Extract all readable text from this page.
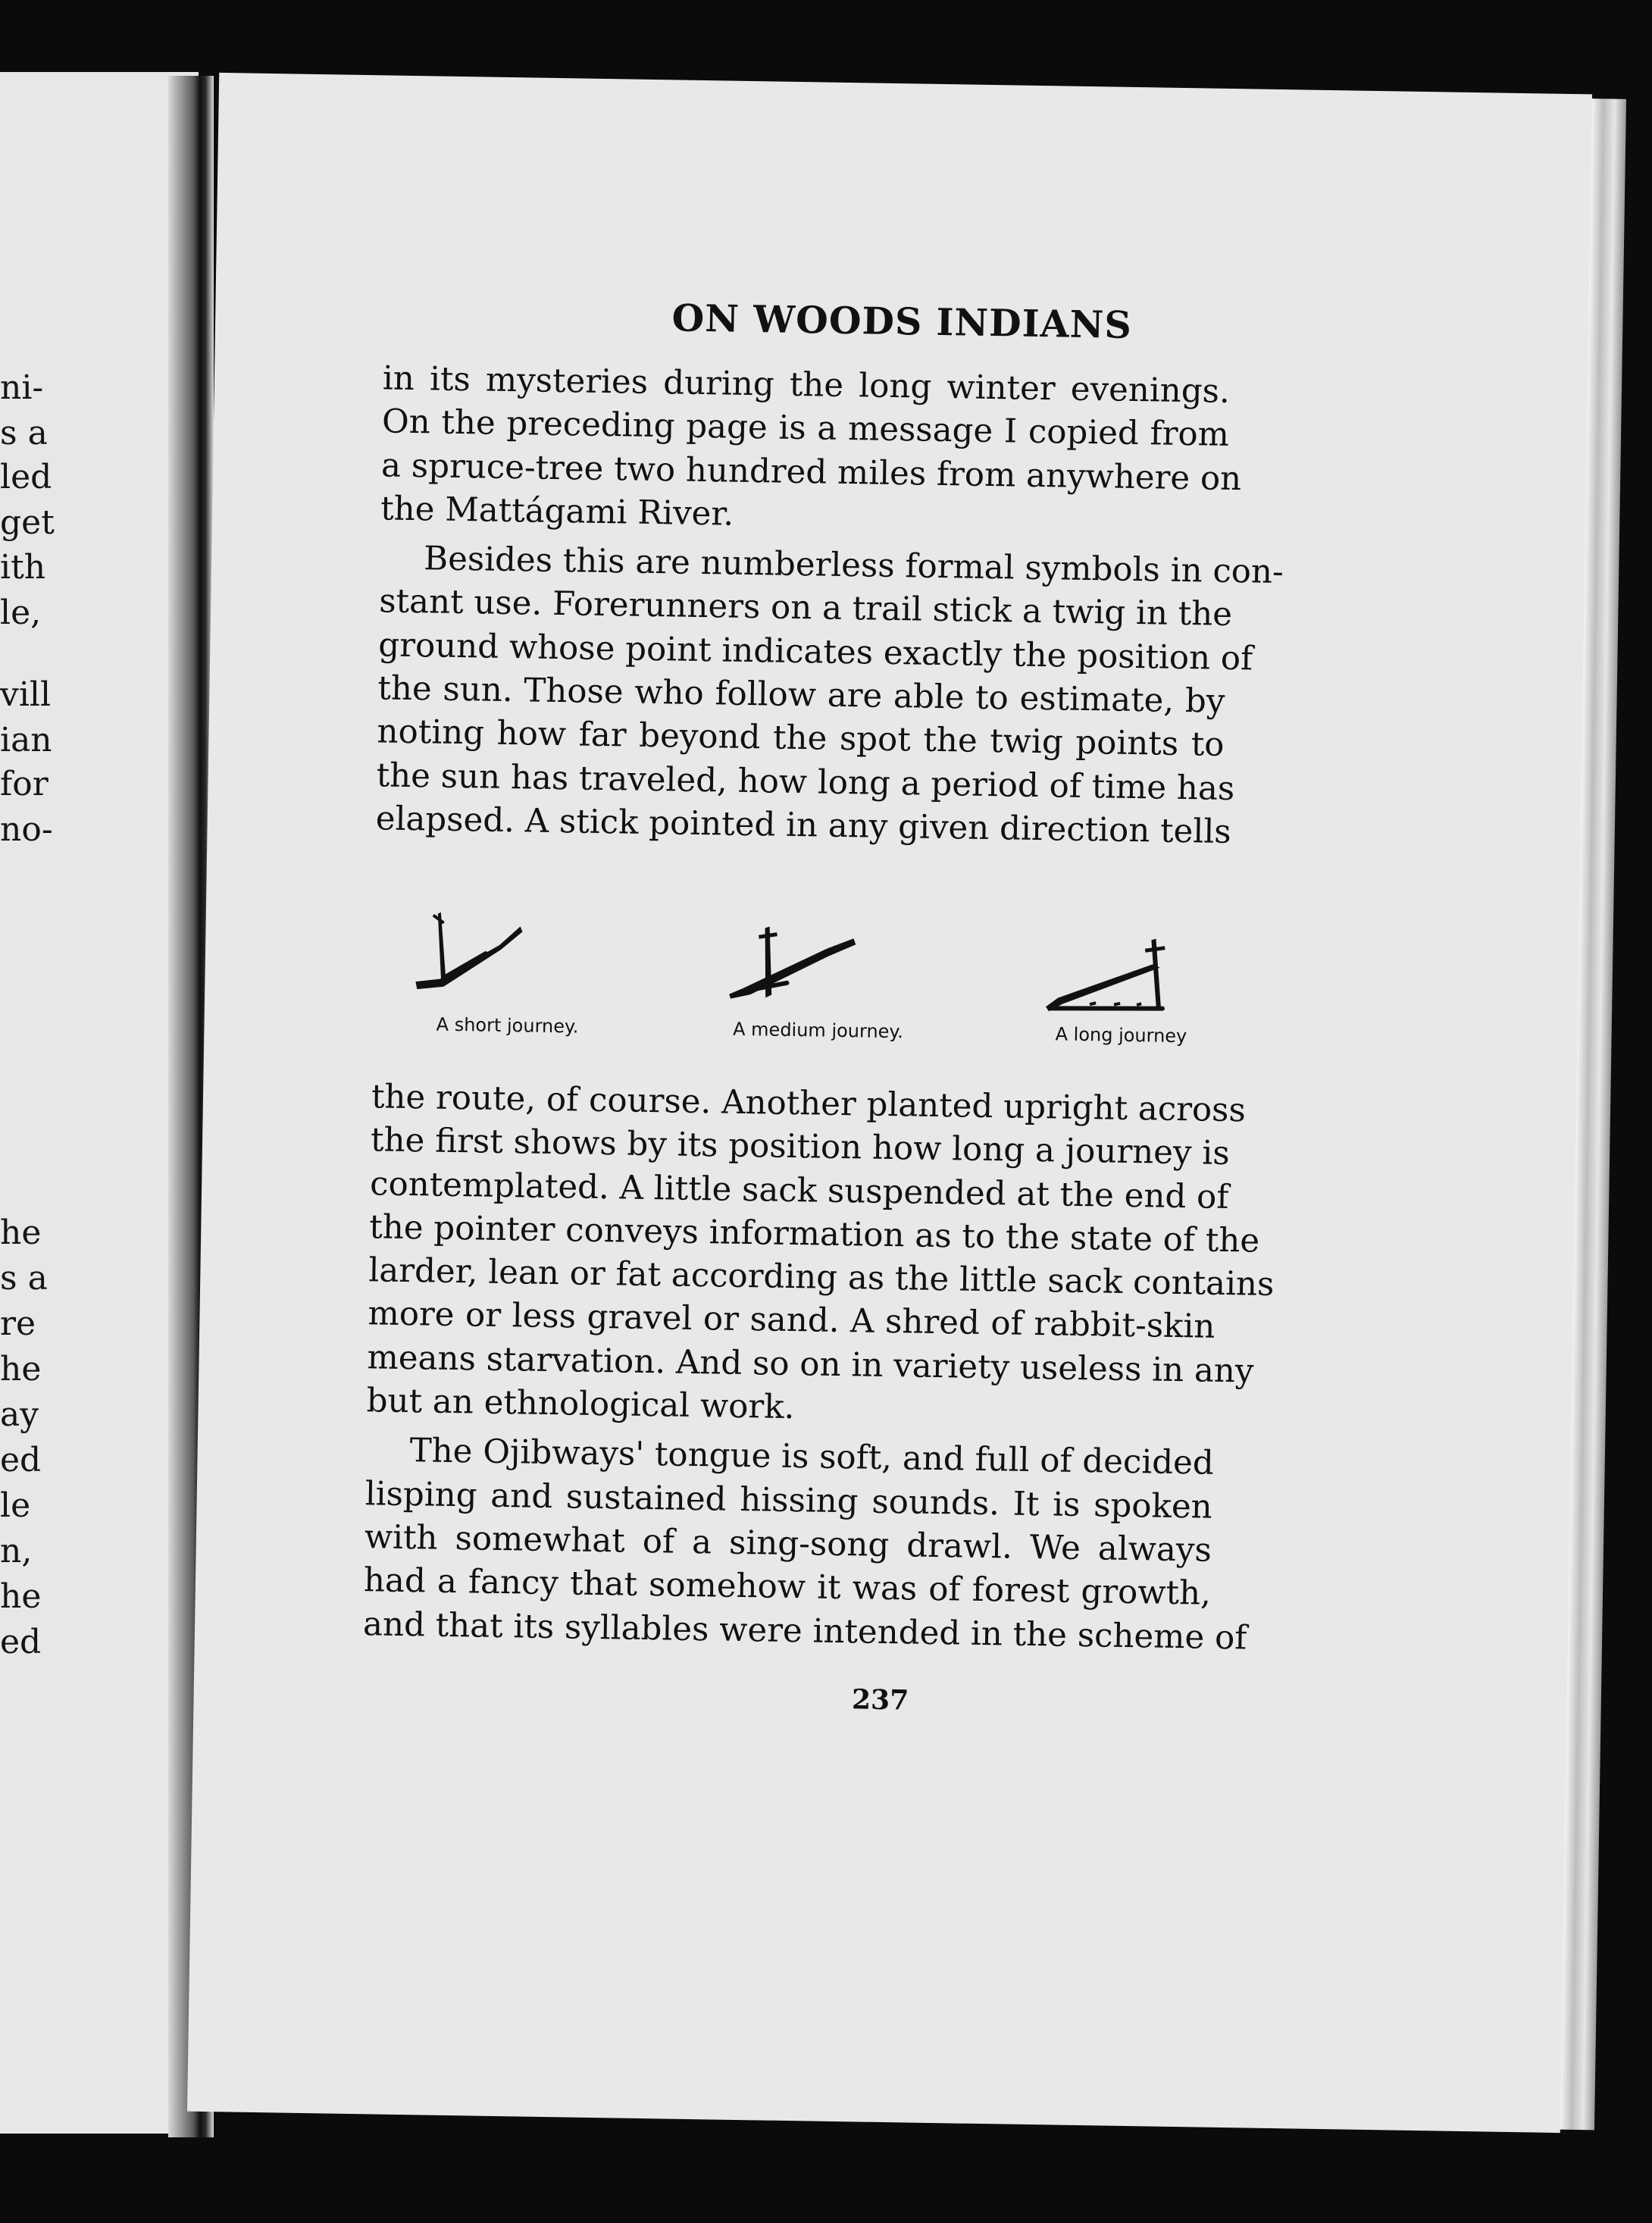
ni-
s a
led
get
ith
le,
vill
ian
for
no-
he
s a
re
he
ay
ed
le
n,
he
ed
ON WOODS INDIANS

in its mysteries during the long winter evenings.
On the preceding page is a message I copied from
a spruce-tree two hundred miles from anywhere on
the Mattágami River.

Besides this are numberless formal symbols in con-
stant use. Forerunners on a trail stick a twig in the
ground whose point indicates exactly the position of
the sun. Those who follow are able to estimate, by
noting how far beyond the spot the twig points to
the sun has traveled, how long a period of time has
elapsed. A stick pointed in any given direction tells

A short journey.	A medium journey.	A long journey

the route, of course. Another planted upright across
the first shows by its position how long a journey is
contemplated. A little sack suspended at the end of
the pointer conveys information as to the state of the
larder, lean or fat according as the little sack contains
more or less gravel or sand. A shred of rabbit-skin
means starvation. And so on in variety useless in any
but an ethnological work.

The Ojibways' tongue is soft, and full of decided
lisping and sustained hissing sounds. It is spoken
with somewhat of a sing-song drawl. We always
had a fancy that somehow it was of forest growth,
and that its syllables were intended in the scheme of

237
